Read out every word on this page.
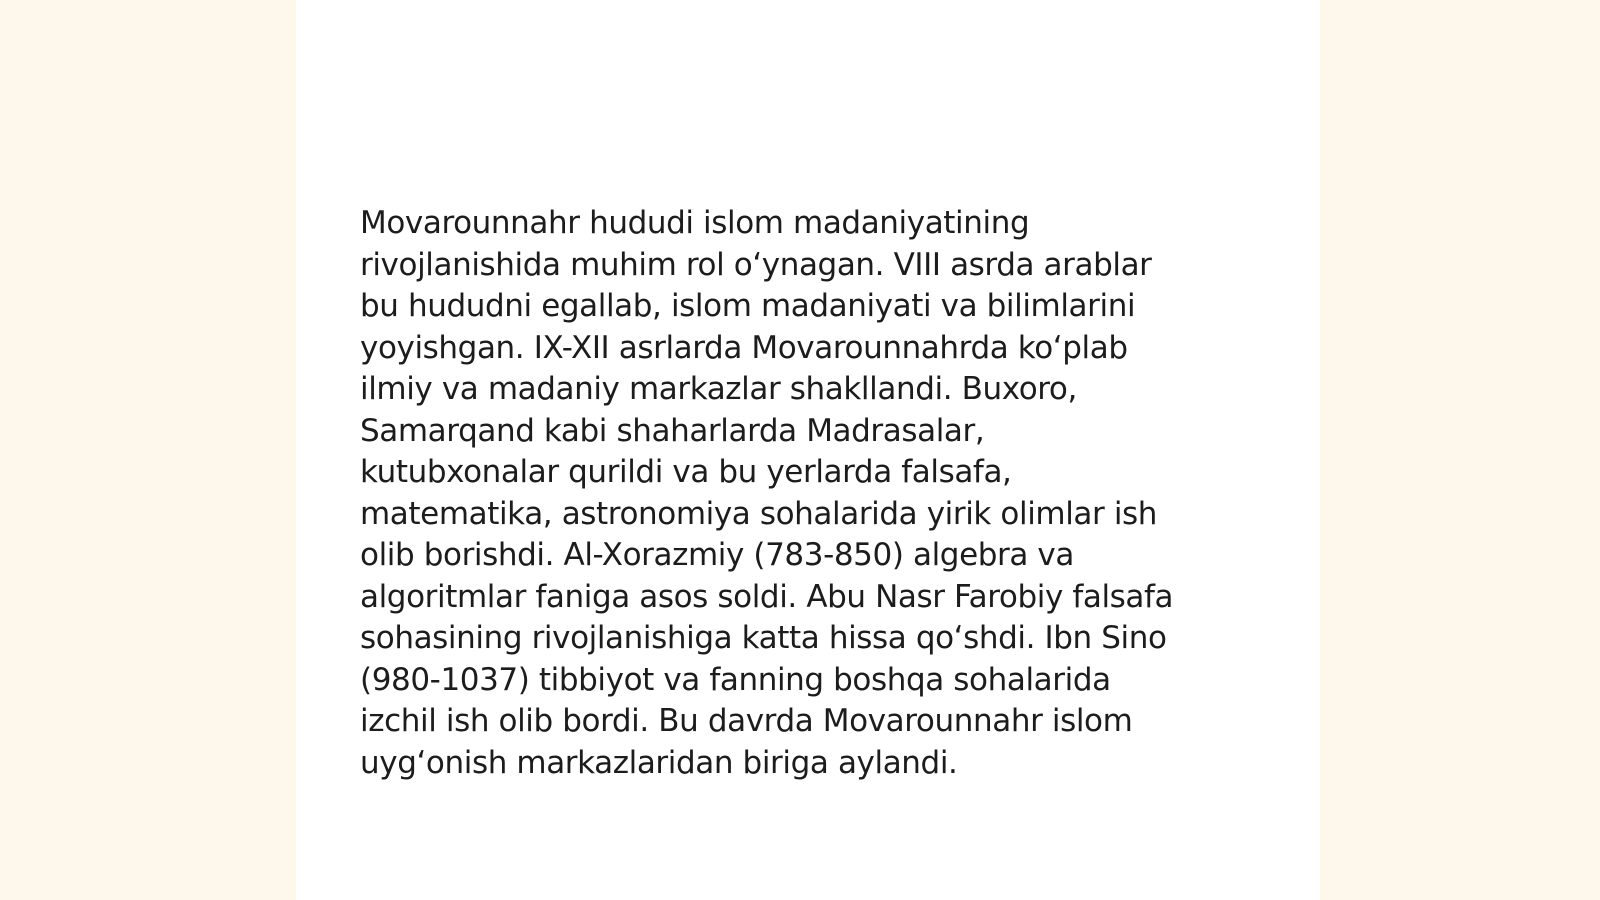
Movarounnahr hududi islom madaniyatining
rivojlanishida muhim rol oʻynagan. VIII asrda arablar
bu hududni egallab, islom madaniyati va bilimlarini
yoyishgan. IX-XII asrlarda Movarounnahrda koʻplab
ilmiy va madaniy markazlar shakllandi. Buxoro,
Samarqand kabi shaharlarda Madrasalar,
kutubxonalar qurildi va bu yerlarda falsafa,
matematika, astronomiya sohalarida yirik olimlar ish
olib borishdi. Al-Xorazmiy (783-850) algebra va
algoritmlar faniga asos soldi. Abu Nasr Farobiy falsafa
sohasining rivojlanishiga katta hissa qoʻshdi. Ibn Sino
(980-1037) tibbiyot va fanning boshqa sohalarida
izchil ish olib bordi. Bu davrda Movarounnahr islom
uygʻonish markazlaridan biriga aylandi.
